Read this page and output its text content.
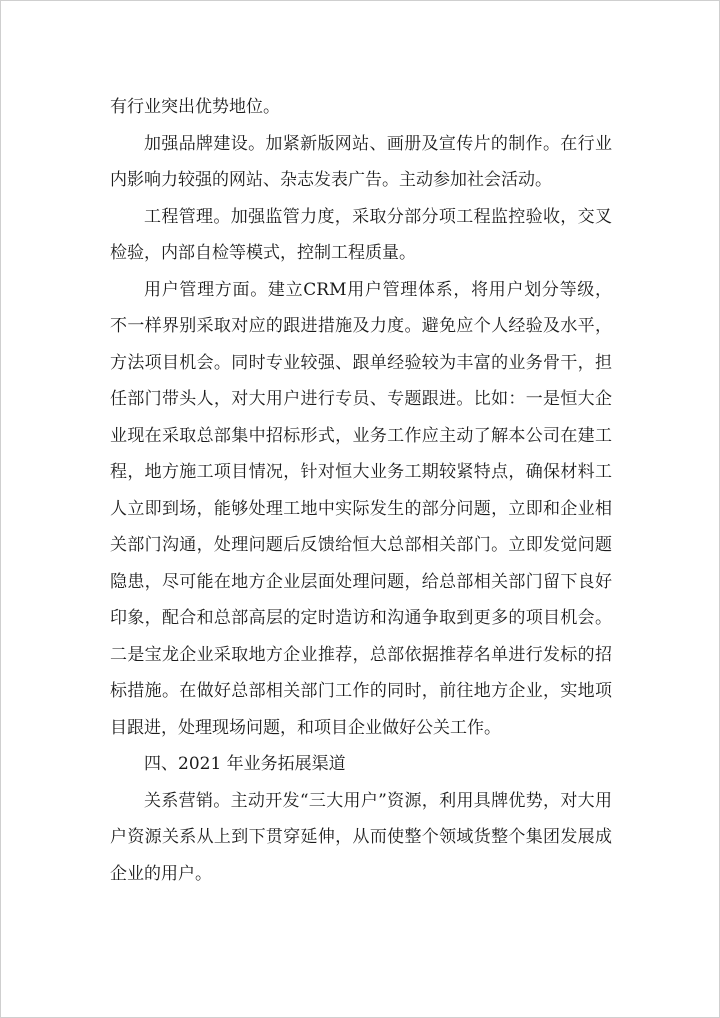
有行业突出优势地位。

加强品牌建设。加紧新版网站、画册及宣传片的制作。在行业内影响力较强的网站、杂志发表广告。主动参加社会活动。

工程管理。加强监管力度，采取分部分项工程监控验收，交叉检验，内部自检等模式，控制工程质量。

用户管理方面。建立CRM用户管理体系，将用户划分等级，不一样界别采取对应的跟进措施及力度。避免应个人经验及水平，方法项目机会。同时专业较强、跟单经验较为丰富的业务骨干，担任部门带头人，对大用户进行专员、专题跟进。比如：一是恒大企业现在采取总部集中招标形式，业务工作应主动了解本公司在建工程，地方施工项目情况，针对恒大业务工期较紧特点，确保材料工人立即到场，能够处理工地中实际发生的部分问题，立即和企业相关部门沟通，处理问题后反馈给恒大总部相关部门。立即发觉问题隐患，尽可能在地方企业层面处理问题，给总部相关部门留下良好印象，配合和总部高层的定时造访和沟通争取到更多的项目机会。二是宝龙企业采取地方企业推荐，总部依据推荐名单进行发标的招标措施。在做好总部相关部门工作的同时，前往地方企业，实地项目跟进，处理现场问题，和项目企业做好公关工作。

四、2021 年业务拓展渠道

关系营销。主动开发“三大用户”资源，利用具牌优势，对大用户资源关系从上到下贯穿延伸，从而使整个领域货整个集团发展成企业的用户。
